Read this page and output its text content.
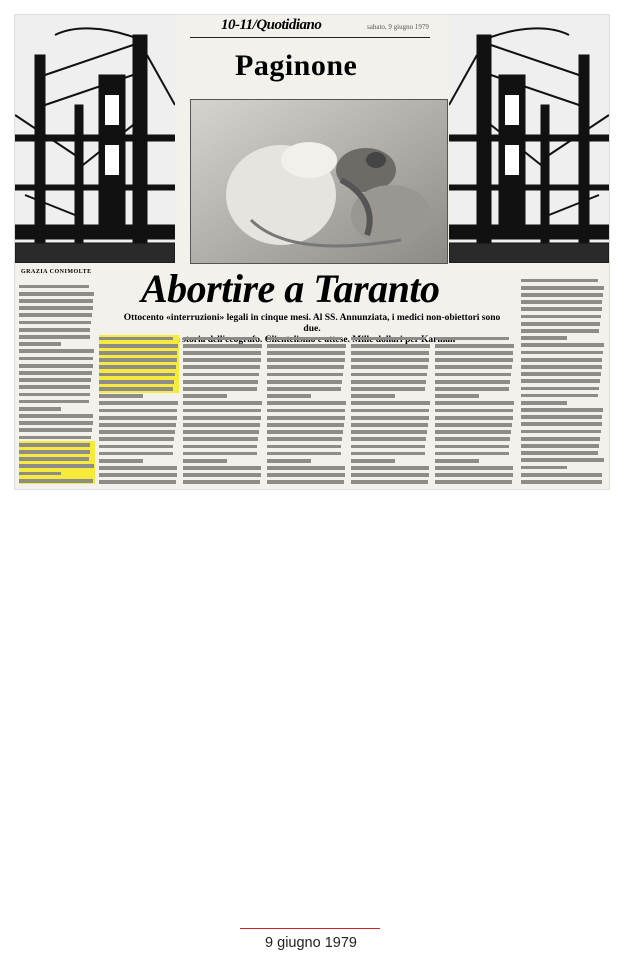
10-11/Quotidiano	sabato, 9 giugno 1979
Paginone
GRAZIA CONIMOLTE Abortire a Taranto
Ottocento «interruzioni» legali in cinque mesi. Al SS. Annunziata, i medici non-obiettori sono due.
9 giugno 1979
